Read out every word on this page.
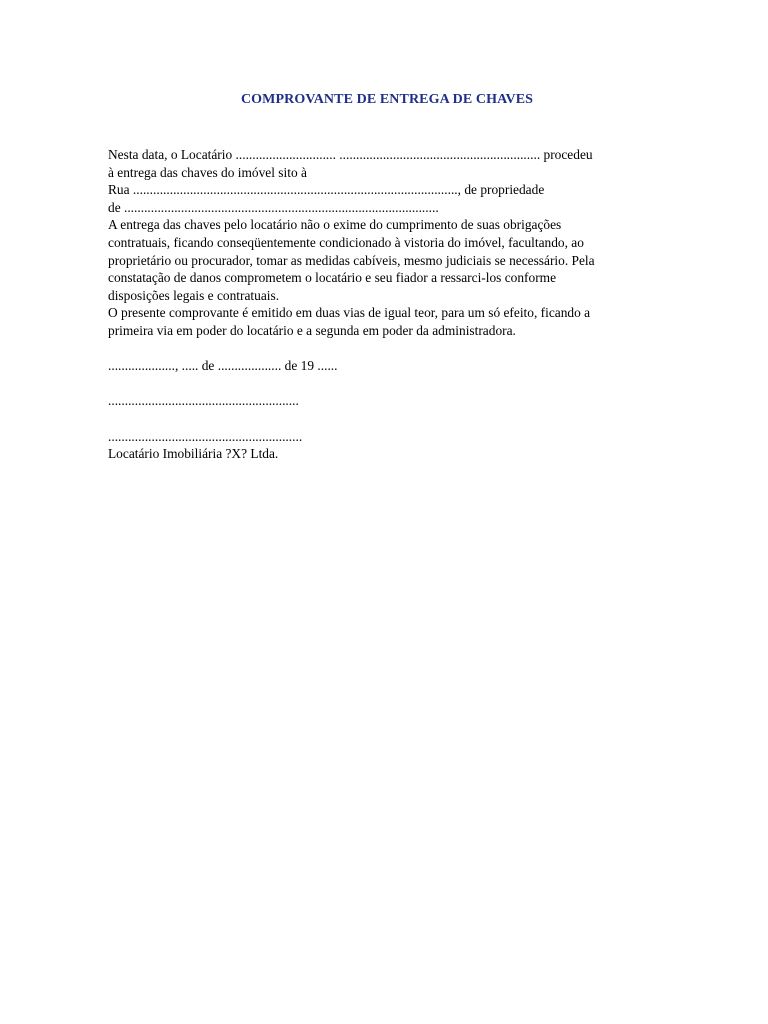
COMPROVANTE DE ENTREGA DE CHAVES
Nesta data, o Locatário .............................. ............................................................ procedeu
à entrega das chaves do imóvel sito à
Rua ................................................................................................., de propriedade
de ..............................................................................................
A entrega das chaves pelo locatário não o exime do cumprimento de suas obrigações
contratuais, ficando conseqüentemente condicionado à vistoria do imóvel, facultando, ao
proprietário ou procurador, tomar as medidas cabíveis, mesmo judiciais se necessário. Pela
constatação de danos comprometem o locatário e seu fiador a ressarci-los conforme
disposições legais e contratuais.
O presente comprovante é emitido em duas vias de igual teor, para um só efeito, ficando a
primeira via em poder do locatário e a segunda em poder da administradora.
...................., ..... de ................... de 19 ......
.........................................................
..........................................................
Locatário Imobiliária ?X? Ltda.
